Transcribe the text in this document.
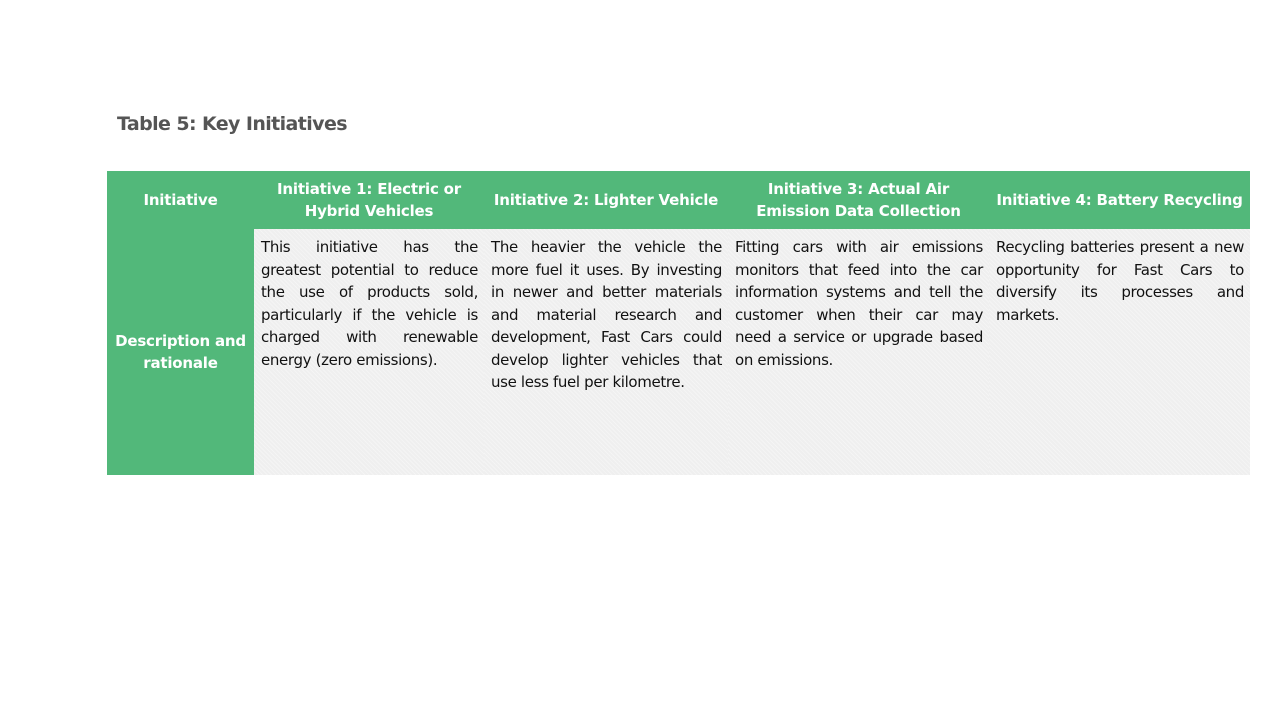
Table 5: Key Initiatives
Initiative	Initiative 1: Electric or Hybrid Vehicles	Initiative 2: Lighter Vehicle	Initiative 3: Actual Air Emission Data Collection	Initiative 4: Battery Recycling
Description and rationale	This initiative has the greatest potential to reduce the use of products sold, particularly if the vehicle is charged with renewable energy (zero emissions).	The heavier the vehicle the more fuel it uses. By investing in newer and better materials and material research and development, Fast Cars could develop lighter vehicles that use less fuel per kilometre.	Fitting cars with air emissions monitors that feed into the car information systems and tell the customer when their car may need a service or upgrade based on emissions.	Recycling batteries present a new opportunity for Fast Cars to diversify its processes and markets.
